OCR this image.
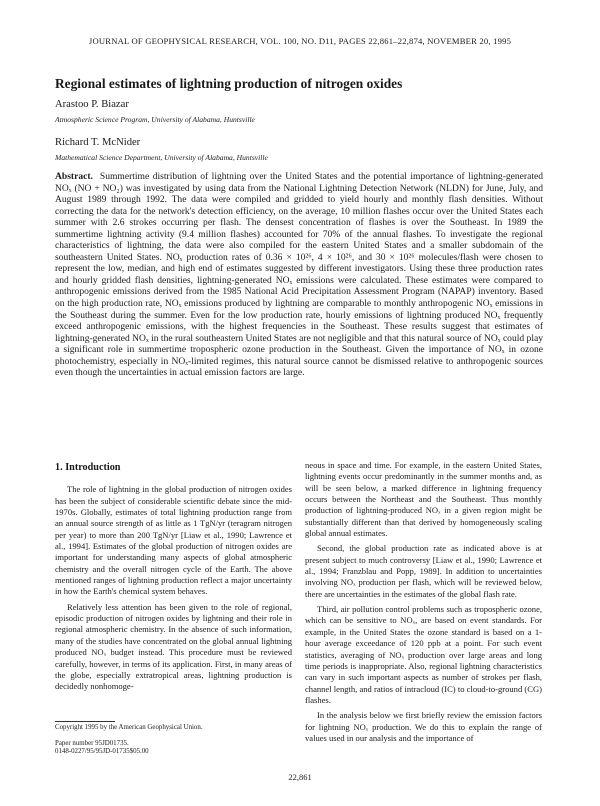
JOURNAL OF GEOPHYSICAL RESEARCH, VOL. 100, NO. D11, PAGES 22,861–22,874, NOVEMBER 20, 1995
Regional estimates of lightning production of nitrogen oxides
Arastoo P. Biazar
Atmospheric Science Program, University of Alabama, Huntsville
Richard T. McNider
Mathematical Science Department, University of Alabama, Huntsville
Abstract. Summertime distribution of lightning over the United States and the potential importance of lightning-generated NOₓ (NO + NO₂) was investigated by using data from the National Lightning Detection Network (NLDN) for June, July, and August 1989 through 1992. The data were compiled and gridded to yield hourly and monthly flash densities. Without correcting the data for the network's detection efficiency, on the average, 10 million flashes occur over the United States each summer with 2.6 strokes occurring per flash. The densest concentration of flashes is over the Southeast. In 1989 the summertime lightning activity (9.4 million flashes) accounted for 70% of the annual flashes. To investigate the regional characteristics of lightning, the data were also compiled for the eastern United States and a smaller subdomain of the southeastern United States. NOₓ production rates of 0.36 × 10²⁶, 4 × 10²⁶, and 30 × 10²⁶ molecules/flash were chosen to represent the low, median, and high end of estimates suggested by different investigators. Using these three production rates and hourly gridded flash densities, lightning-generated NOₓ emissions were calculated. These estimates were compared to anthropogenic emissions derived from the 1985 National Acid Precipitation Assessment Program (NAPAP) inventory. Based on the high production rate, NOₓ emissions produced by lightning are comparable to monthly anthropogenic NOₓ emissions in the Southeast during the summer. Even for the low production rate, hourly emissions of lightning produced NOₓ frequently exceed anthropogenic emissions, with the highest frequencies in the Southeast. These results suggest that estimates of lightning-generated NOₓ in the rural southeastern United States are not negligible and that this natural source of NOₓ could play a significant role in summertime tropospheric ozone production in the Southeast. Given the importance of NOₓ in ozone photochemistry, especially in NOₓ-limited regimes, this natural source cannot be dismissed relative to anthropogenic sources even though the uncertainties in actual emission factors are large.
1. Introduction

The role of lightning in the global production of nitrogen oxides has been the subject of considerable scientific debate since the mid-1970s. Globally, estimates of total lightning production range from an annual source strength of as little as 1 TgN/yr (teragram nitrogen per year) to more than 200 TgN/yr [Liaw et al., 1990; Lawrence et al., 1994]. Estimates of the global production of nitrogen oxides are important for understanding many aspects of global atmospheric chemistry and the overall nitrogen cycle of the Earth. The above mentioned ranges of lightning production reflect a major uncertainty in how the Earth's chemical system behaves.

Relatively less attention has been given to the role of regional, episodic production of nitrogen oxides by lightning and their role in regional atmospheric chemistry. In the absence of such information, many of the studies have concentrated on the global annual lightning produced NOₓ budget instead. This procedure must be reviewed carefully, however, in terms of its application. First, in many areas of the globe, especially extratropical areas, lightning production is decidedly nonhomoge-

Copyright 1995 by the American Geophysical Union.
Paper number 95JD01735.
0148-0227/95/95JD-01735$05.00

neous in space and time. For example, in the eastern United States, lightning events occur predominantly in the summer months and, as will be seen below, a marked difference in lightning frequency occurs between the Northeast and the Southeast. Thus monthly production of lightning-produced NOₓ in a given region might be substantially different than that derived by homogeneously scaling global annual estimates.

Second, the global production rate as indicated above is at present subject to much controversy [Liaw et al., 1990; Lawrence et al., 1994; Franzblau and Popp, 1989]. In addition to uncertainties involving NOₓ production per flash, which will be reviewed below, there are uncertainties in the estimates of the global flash rate.

Third, air pollution control problems such as tropospheric ozone, which can be sensitive to NOₓ, are based on event standards. For example, in the United States the ozone standard is based on a 1-hour average exceedance of 120 ppb at a point. For such event statistics, averaging of NOₓ production over large areas and long time periods is inappropriate. Also, regional lightning characteristics can vary in such important aspects as number of strokes per flash, channel length, and ratios of intracloud (IC) to cloud-to-ground (CG) flashes.

In the analysis below we first briefly review the emission factors for lightning NOₓ production. We do this to explain the range of values used in our analysis and the importance of

22,861
